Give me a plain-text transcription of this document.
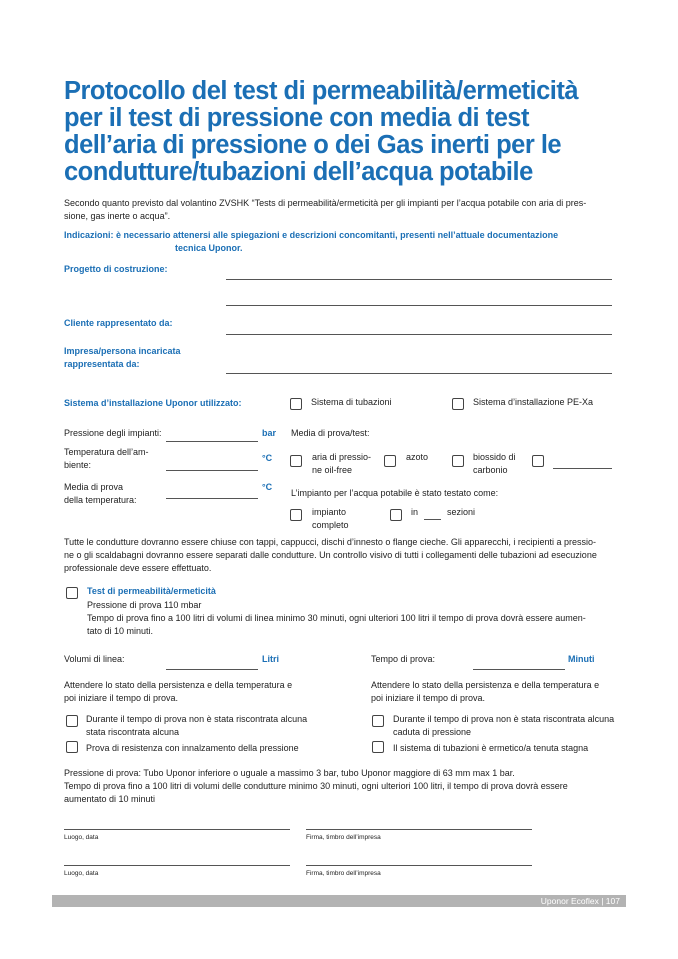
Protocollo del test di permeabilità/ermeticità
per il test di pressione con media di test
dell’aria di pressione o dei Gas inerti per le
condutture/tubazioni dell’acqua potabile
Secondo quanto previsto dal volantino ZVSHK “Tests di permeabilità/ermeticità per gli impianti per l’acqua potabile con aria di pres-
sione, gas inerte o acqua”.
Indicazioni: è necessario attenersi alle spiegazioni e descrizioni concomitanti, presenti nell’attuale documentazione
tecnica Uponor.
Progetto di costruzione:
Cliente rappresentato da:
Impresa/persona incaricata
rappresentata da:
Sistema d’installazione Uponor utilizzato:	Sistema di tubazioni	Sistema d’installazione PE-Xa
Pressione degli impianti:	bar
Temperatura dell’am-
biente:
°C
Media di prova
della temperatura:
°C
Media di prova/test:
aria di pressio-
ne oil-free
azoto	biossido di
carbonio
L’impianto per l’acqua potabile è stato testato come:
impianto
completo
in	sezioni
Tutte le condutture dovranno essere chiuse con tappi, cappucci, dischi d’innesto o flange cieche. Gli apparecchi, i recipienti a pressio-
ne o gli scaldabagni dovranno essere separati dalle condutture. Un controllo visivo di tutti i collegamenti delle tubazioni ad esecuzione
professionale deve essere effettuato.
Test di permeabilità/ermeticità
Pressione di prova 110 mbar
Tempo di prova fino a 100 litri di volumi di linea minimo 30 minuti, ogni ulteriori 100 litri il tempo di prova dovrà essere aumen-
tato di 10 minuti.
Volumi di linea:	Litri	Tempo di prova:	Minuti
Attendere lo stato della persistenza e della temperatura e
poi iniziare il tempo di prova.
Attendere lo stato della persistenza e della temperatura e
poi iniziare il tempo di prova.
Durante il tempo di prova non è stata riscontrata alcuna
stata riscontrata alcuna
Prova di resistenza con innalzamento della pressione
Durante il tempo di prova non è stata riscontrata alcuna
caduta di pressione
Il sistema di tubazioni è ermetico/a tenuta stagna
Pressione di prova: Tubo Uponor inferiore o uguale a massimo 3 bar, tubo Uponor maggiore di 63 mm max 1 bar.
Tempo di prova fino a 100 litri di volumi delle condutture minimo 30 minuti, ogni ulteriori 100 litri, il tempo di prova dovrà essere
aumentato di 10 minuti
Luogo, data	Firma, timbro dell’impresa
Luogo, data	Firma, timbro dell’impresa
Uponor Ecoflex | 107
